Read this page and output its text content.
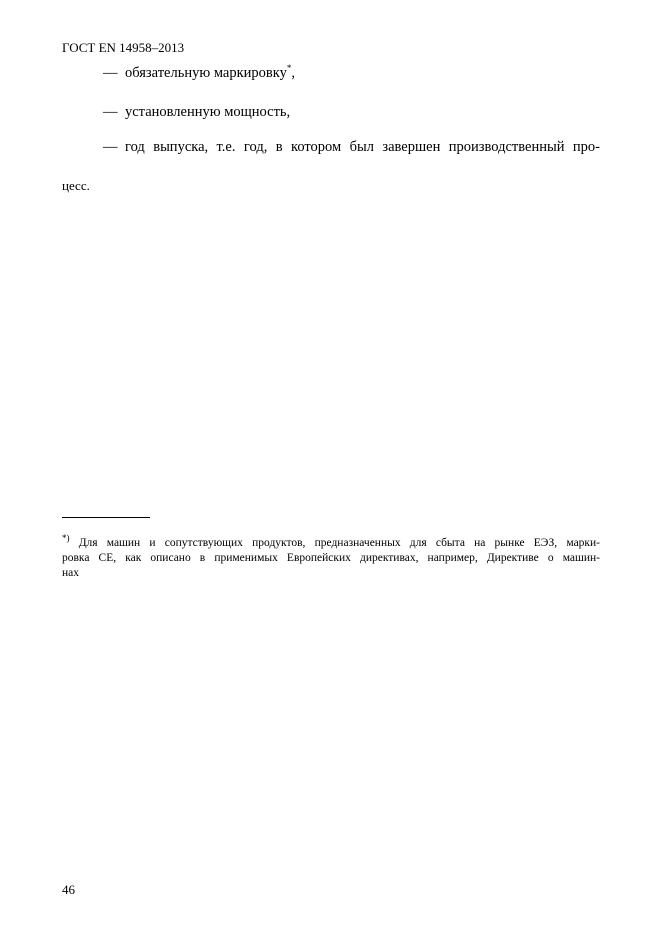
ГОСТ EN 14958–2013
— обязательную маркировку*,
— установленную мощность,
— год выпуска, т.е. год, в котором был завершен производственный про-
цесс.
*) Для машин и сопутствующих продуктов, предназначенных для сбыта на рынке ЕЭЗ, марки-
ровка CE, как описано в применимых Европейских директивах, например, Директиве о машин-
нах
46
